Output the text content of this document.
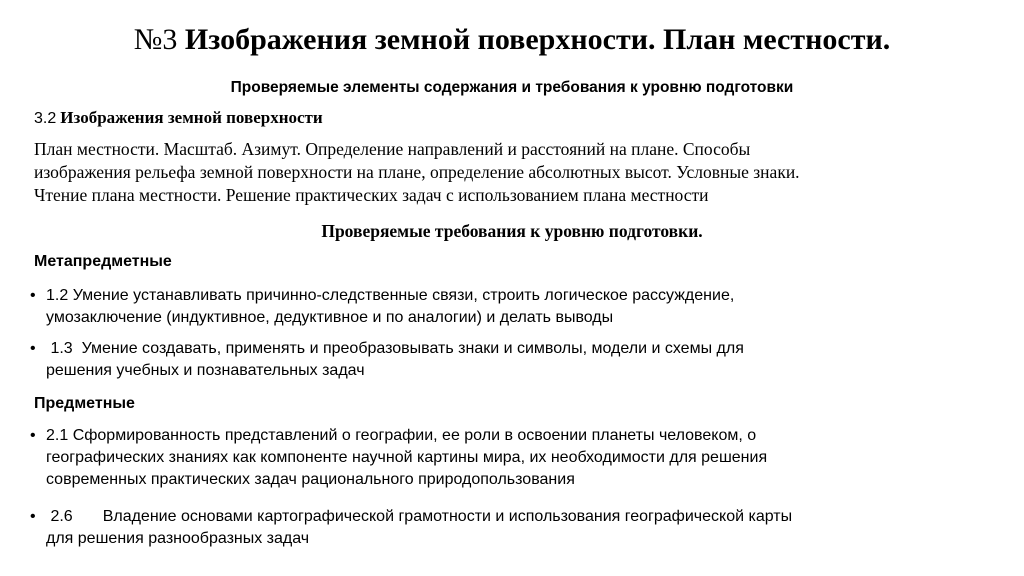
№3 Изображения земной поверхности. План местности.
Проверяемые элементы содержания и требования к уровню подготовки
3.2 Изображения земной поверхности
План местности. Масштаб. Азимут. Определение направлений и расстояний на плане. Способы
изображения рельефа земной поверхности на плане, определение абсолютных высот. Условные знаки.
Чтение плана местности. Решение практических задач с использованием плана местности
Проверяемые требования к уровню подготовки.
Метапредметные
• 1.2 Умение устанавливать причинно-следственные связи, строить логическое рассуждение,
умозаключение (индуктивное, дедуктивное и по аналогии) и делать выводы
• 1.3  Умение создавать, применять и преобразовывать знаки и символы, модели и схемы для
решения учебных и познавательных задач
Предметные
• 2.1 Сформированность представлений о географии, ее роли в освоении планеты человеком, о
географических знаниях как компоненте научной картины мира, их необходимости для решения
современных практических задач рационального природопользования
• 2.6 Владение основами картографической грамотности и использования географической карты
для решения разнообразных задач
